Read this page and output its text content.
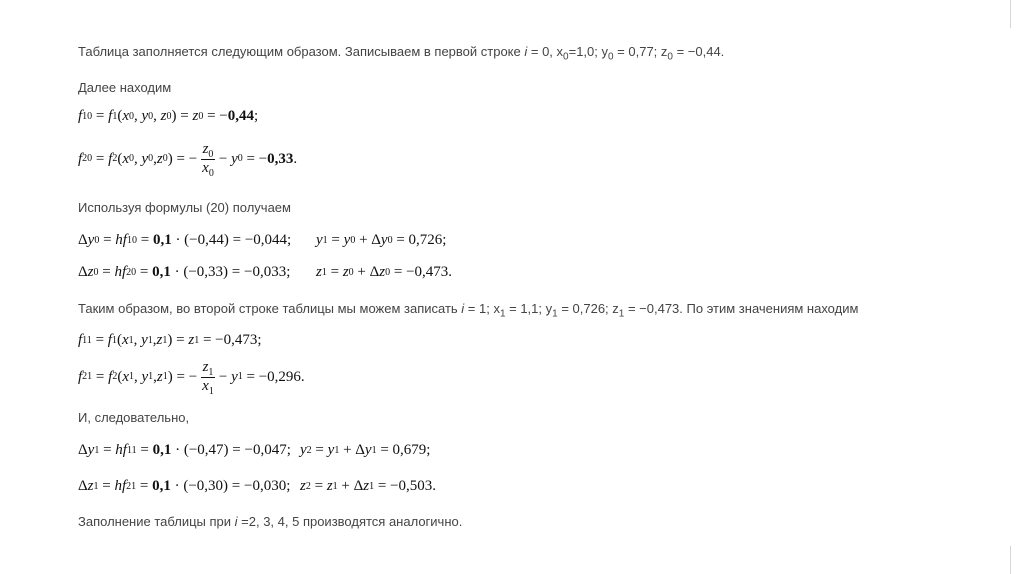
Таблица заполняется следующим образом. Записываем в первой строке i = 0, $x_0=1,0$; $y_0 = 0,77$; $z_0 = -0,44$.
Далее находим
f 10 = f 1 ( x 0 , y 0 , z 0 ) = z 0 = − 0,44 ;
f 20 = f 2 ( x 0 , y 0 , z 0 ) = − $\frac{z_0}{x_0} - y$ 0 = − 0,33 .
Используя формулы (20) получаем
Δ y 0 = hf 10 = 0,1 · (−0,44) = −0,044; y 1 = y 0 + Δ y 0 = 0,726;
Δ z 0 = hf 20 = 0,1 · (−0,33) = −0,033; z 1 = z 0 + Δ z 0 = −0,473.
Таким образом, во второй строке таблицы мы можем записать i = 1; $x_1 = 1,1$; $y_1 = 0,726$; $z_1 = -0,473$. По этим значениям находим
f 11 = f 1 ( x 1 , y 1 , z 1 ) = z 1 = −0,473;
f 21 = f 2 ( x 1 , y 1 , z 1 ) = − $\frac{z_1}{x_1} - y$ 1 = −0,296.
И, следовательно,
Δ y 1 = hf 11 = 0,1 · (−0,47) = −0,047; y 2 = y 1 + Δ y 1 = 0,679;
Δ z 1 = hf 21 = 0,1 · (−0,30) = −0,030; z 2 = z 1 + Δ z 1 = −0,503.
Заполнение таблицы при i =2, 3, 4, 5 производятся аналогично.
